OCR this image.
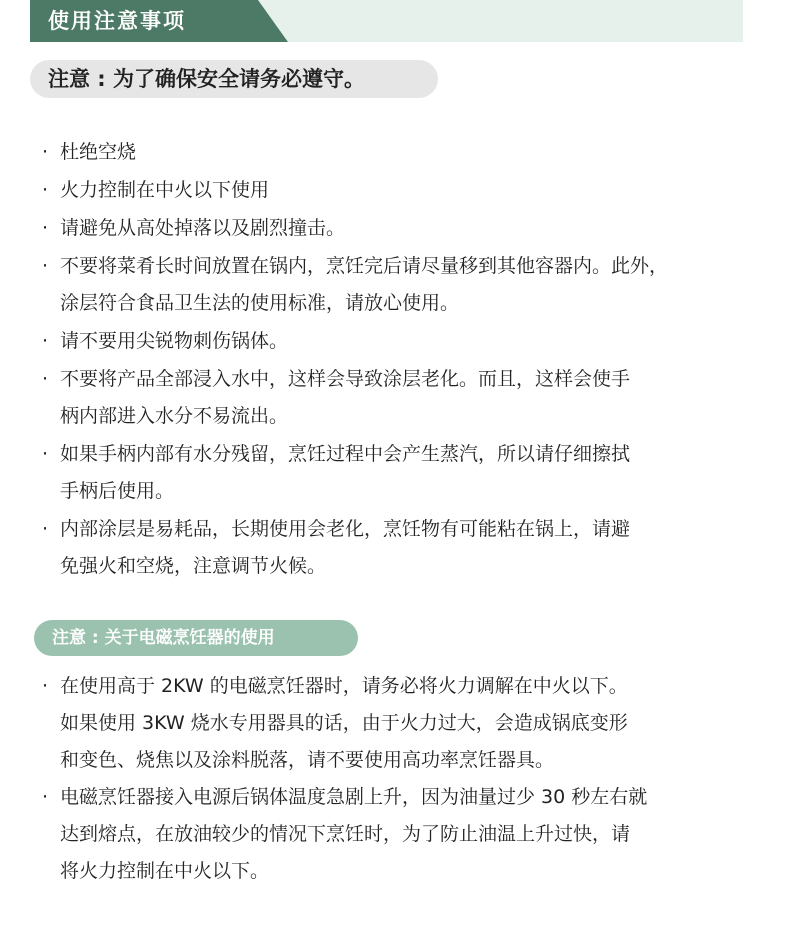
使用注意事项
注意 : 为了确保安全请务必遵守。
· 杜绝空烧
· 火力控制在中火以下使用
· 请避免从高处掉落以及剧烈撞击。
· 不要将菜肴长时间放置在锅内，烹饪完后请尽量移到其他容器内。此外，
涂层符合食品卫生法的使用标准，请放心使用。
· 请不要用尖锐物刺伤锅体。
· 不要将产品全部浸入水中，这样会导致涂层老化。而且，这样会使手
柄内部进入水分不易流出。
· 如果手柄内部有水分残留，烹饪过程中会产生蒸汽，所以请仔细擦拭
手柄后使用。
· 内部涂层是易耗品，长期使用会老化，烹饪物有可能粘在锅上，请避
免强火和空烧，注意调节火候。
注意 : 关于电磁烹饪器的使用
· 在使用高于 2KW 的电磁烹饪器时，请务必将火力调解在中火以下。
如果使用 3KW 烧水专用器具的话，由于火力过大，会造成锅底变形
和变色、烧焦以及涂料脱落，请不要使用高功率烹饪器具。
· 电磁烹饪器接入电源后锅体温度急剧上升，因为油量过少 30 秒左右就
达到熔点，在放油较少的情况下烹饪时，为了防止油温上升过快，请
将火力控制在中火以下。
